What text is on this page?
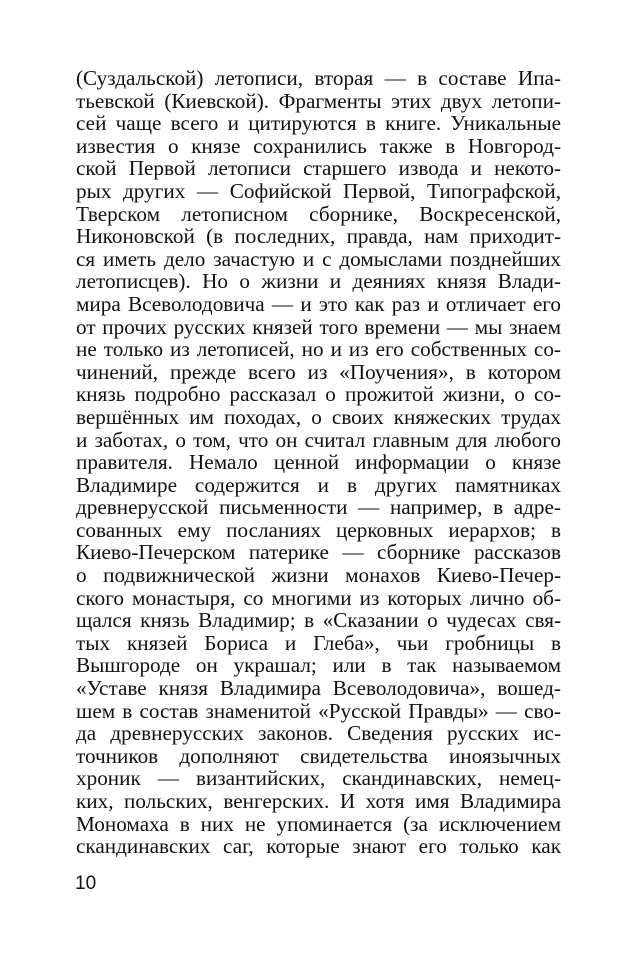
(Суздальской) летописи, вторая — в составе Ипа-
тьевской (Киевской). Фрагменты этих двух летопи-
сей чаще всего и цитируются в книге. Уникальные
известия о князе сохранились также в Новгород-
ской Первой летописи старшего извода и некото-
рых других — Софийской Первой, Типографской,
Тверском летописном сборнике, Воскресенской,
Никоновской (в последних, правда, нам приходит-
ся иметь дело зачастую и с домыслами позднейших
летописцев). Но о жизни и деяниях князя Влади-
мира Всеволодовича — и это как раз и отличает его
от прочих русских князей того времени — мы знаем
не только из летописей, но и из его собственных со-
чинений, прежде всего из «Поучения», в котором
князь подробно рассказал о прожитой жизни, о со-
вершённых им походах, о своих княжеских трудах
и заботах, о том, что он считал главным для любого
правителя. Немало ценной информации о князе
Владимире содержится и в других памятниках
древнерусской письменности — например, в адре-
сованных ему посланиях церковных иерархов; в
Киево-Печерском патерике — сборнике рассказов
о подвижнической жизни монахов Киево-Печер-
ского монастыря, со многими из которых лично об-
щался князь Владимир; в «Сказании о чудесах свя-
тых князей Бориса и Глеба», чьи гробницы в
Вышгороде он украшал; или в так называемом
«Уставе князя Владимира Всеволодовича», вошед-
шем в состав знаменитой «Русской Правды» — сво-
да древнерусских законов. Сведения русских ис-
точников дополняют свидетельства иноязычных
хроник — византийских, скандинавских, немец-
ких, польских, венгерских. И хотя имя Владимира
Мономаха в них не упоминается (за исключением
скандинавских саг, которые знают его только как
10
